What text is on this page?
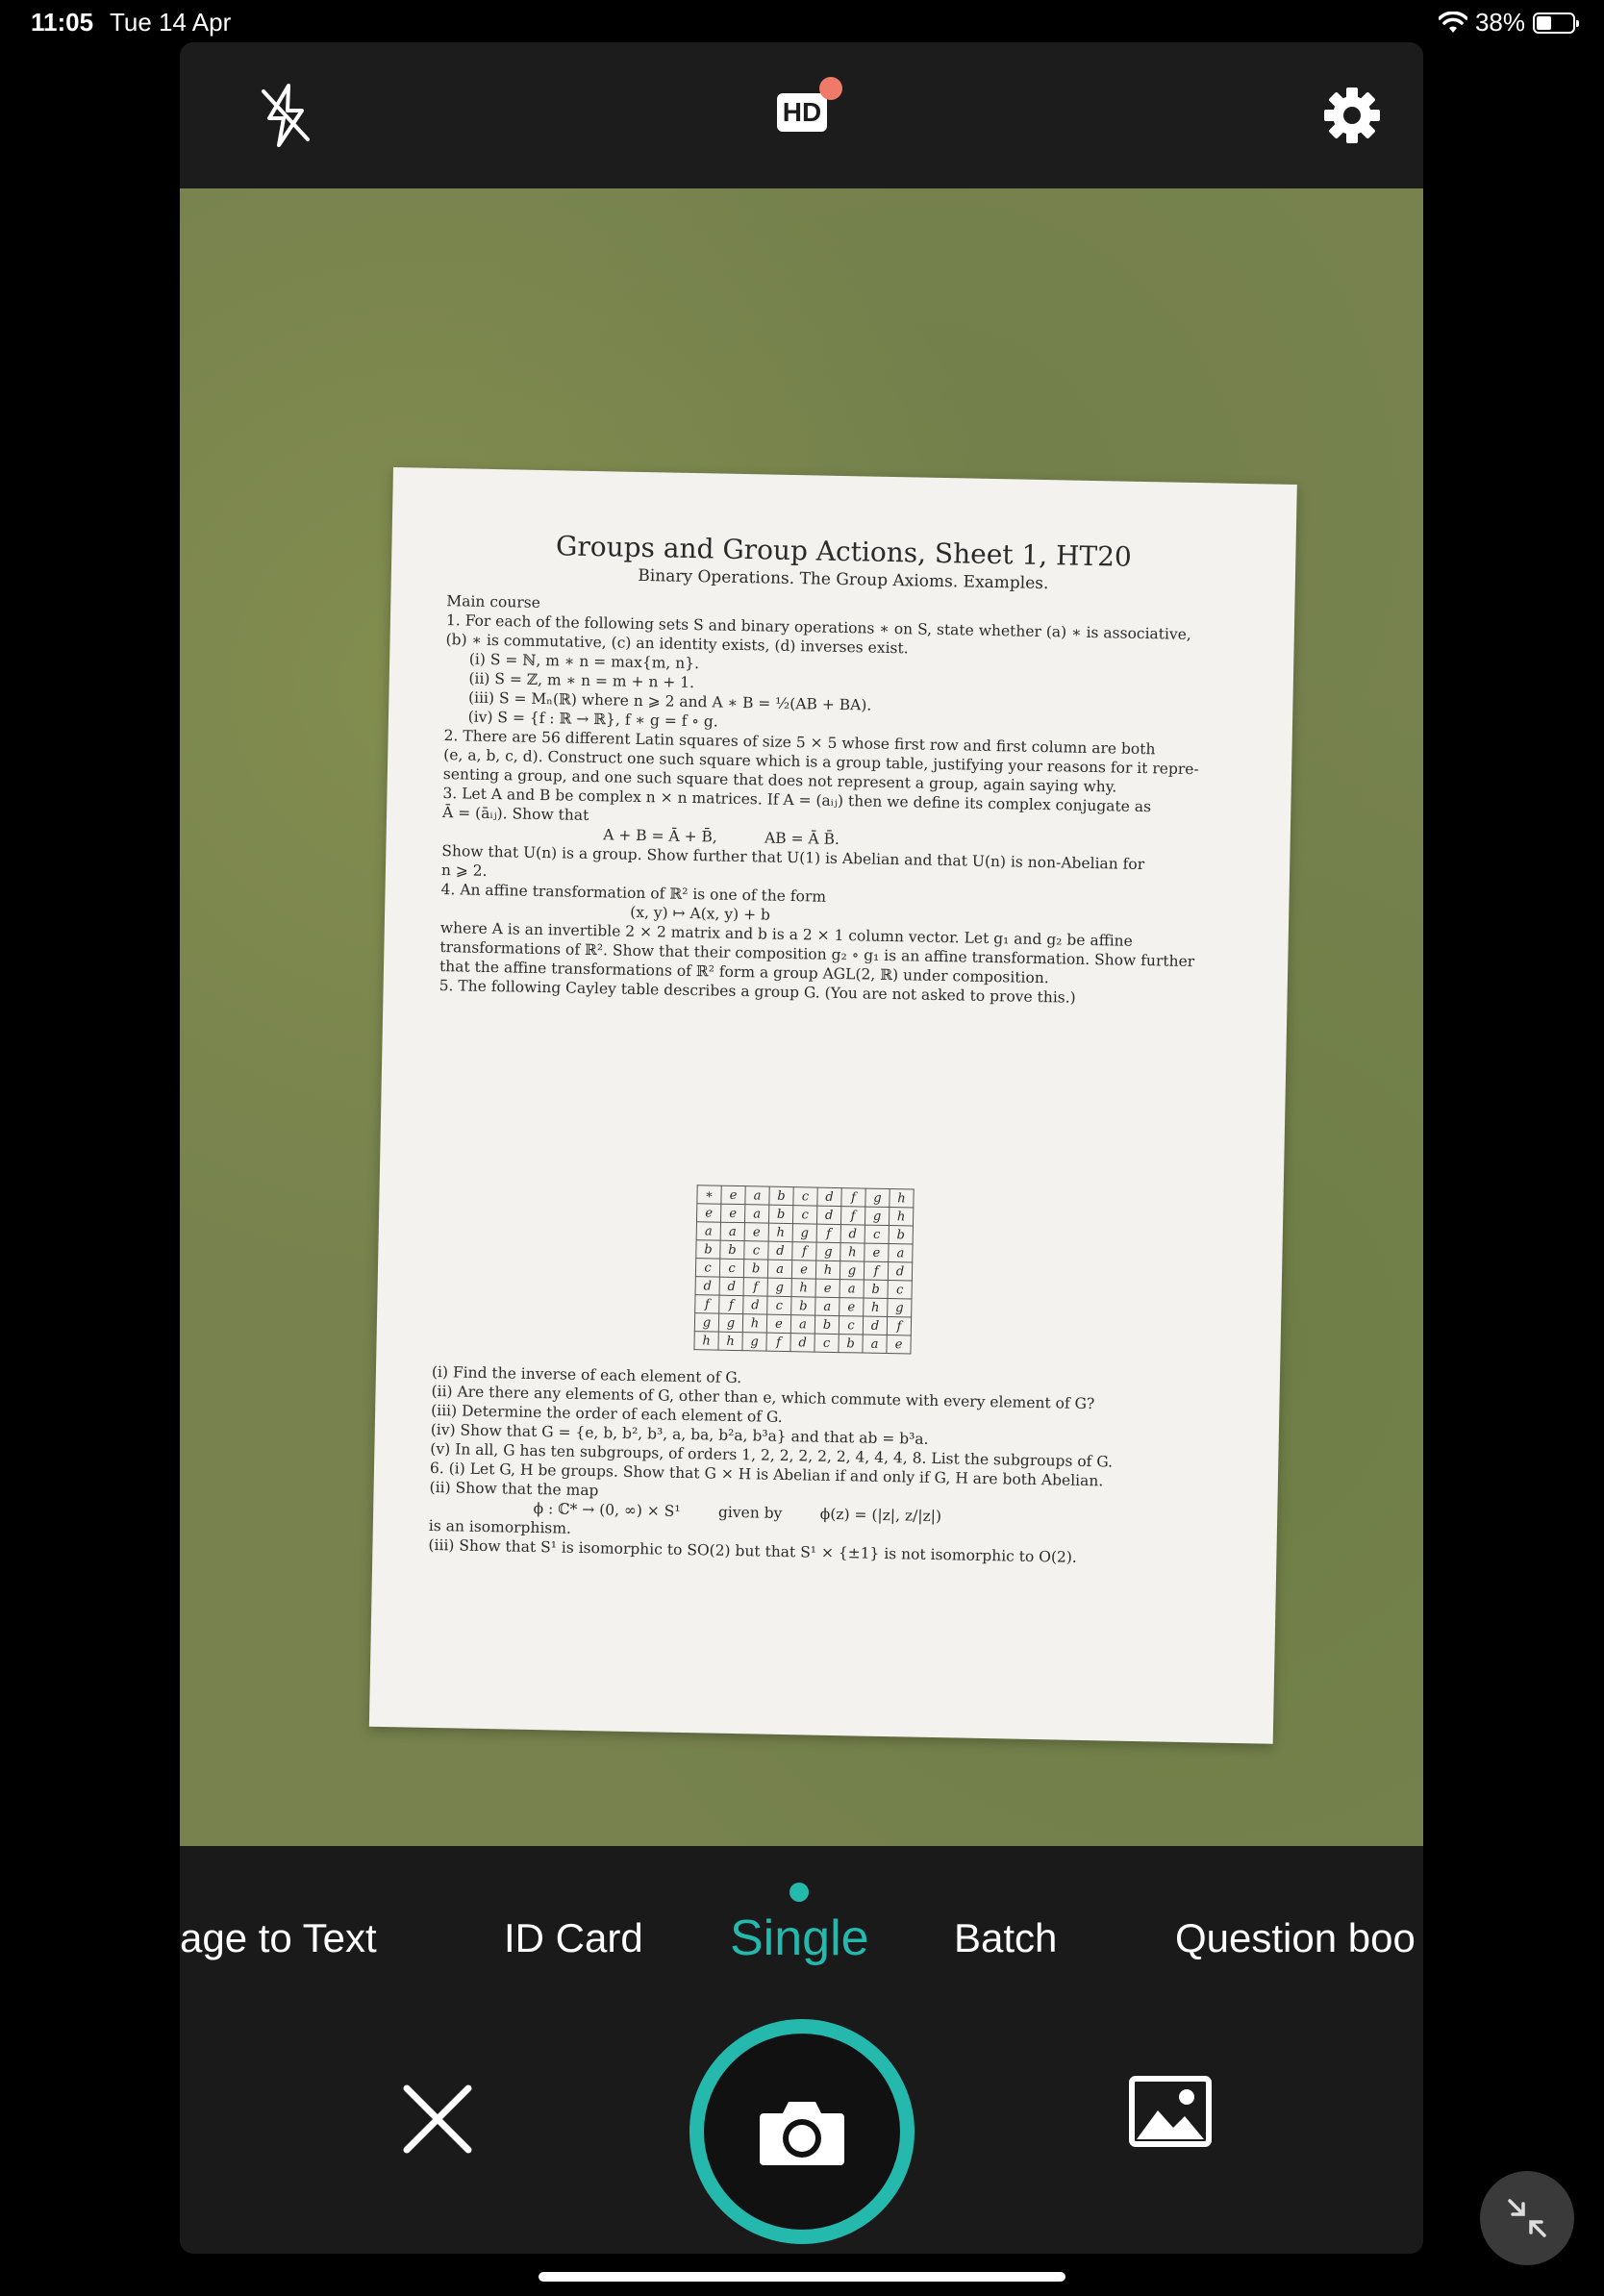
11:05 Tue 14 Apr	38%
HD
Groups and Group Actions, Sheet 1, HT20
Binary Operations. The Group Axioms. Examples.
Main course
1. For each of the following sets S and binary operations ∗ on S, state whether (a) ∗ is associative,
(b) ∗ is commutative, (c) an identity exists, (d) inverses exist.
(i) S = ℕ, m ∗ n = max{m, n}.
(ii) S = ℤ, m ∗ n = m + n + 1.
(iii) S = Mₙ(ℝ) where n ⩾ 2 and A ∗ B = ½(AB + BA).
(iv) S = {f : ℝ → ℝ}, f ∗ g = f ∘ g.
2. There are 56 different Latin squares of size 5 × 5 whose first row and first column are both
(e, a, b, c, d). Construct one such square which is a group table, justifying your reasons for it repre-
senting a group, and one such square that does not represent a group, again saying why.
3. Let A and B be complex n × n matrices. If A = (aᵢⱼ) then we define its complex conjugate as
Ā = (āᵢⱼ). Show that
A + B = Ā + B̄,          AB = Ā B̄.
Show that U(n) is a group. Show further that U(1) is Abelian and that U(n) is non-Abelian for
n ⩾ 2.
4. An affine transformation of ℝ² is one of the form
(x, y) ↦ A(x, y) + b
where A is an invertible 2 × 2 matrix and b is a 2 × 1 column vector. Let g₁ and g₂ be affine
transformations of ℝ². Show that their composition g₂ ∘ g₁ is an affine transformation. Show further
that the affine transformations of ℝ² form a group AGL(2, ℝ) under composition.
5. The following Cayley table describes a group G. (You are not asked to prove this.)
∗	e	a	b	c	d	f	g	h
e	e	a	b	c	d	f	g	h
a	a	e	h	g	f	d	c	b
b	b	c	d	f	g	h	e	a
c	c	b	a	e	h	g	f	d
d	d	f	g	h	e	a	b	c
f	f	d	c	b	a	e	h	g
g	g	h	e	a	b	c	d	f
h	h	g	f	d	c	b	a	e
(i) Find the inverse of each element of G.
(ii) Are there any elements of G, other than e, which commute with every element of G?
(iii) Determine the order of each element of G.
(iv) Show that G = {e, b, b², b³, a, ba, b²a, b³a} and that ab = b³a.
(v) In all, G has ten subgroups, of orders 1, 2, 2, 2, 2, 2, 4, 4, 4, 8. List the subgroups of G.
6. (i) Let G, H be groups. Show that G × H is Abelian if and only if G, H are both Abelian.
(ii) Show that the map
ϕ : ℂ* → (0, ∞) × S¹        given by        ϕ(z) = (|z|, z/|z|)
is an isomorphism.
(iii) Show that S¹ is isomorphic to SO(2) but that S¹ × {±1} is not isomorphic to O(2).
age to Text	ID Card Single Batch	Question boo
